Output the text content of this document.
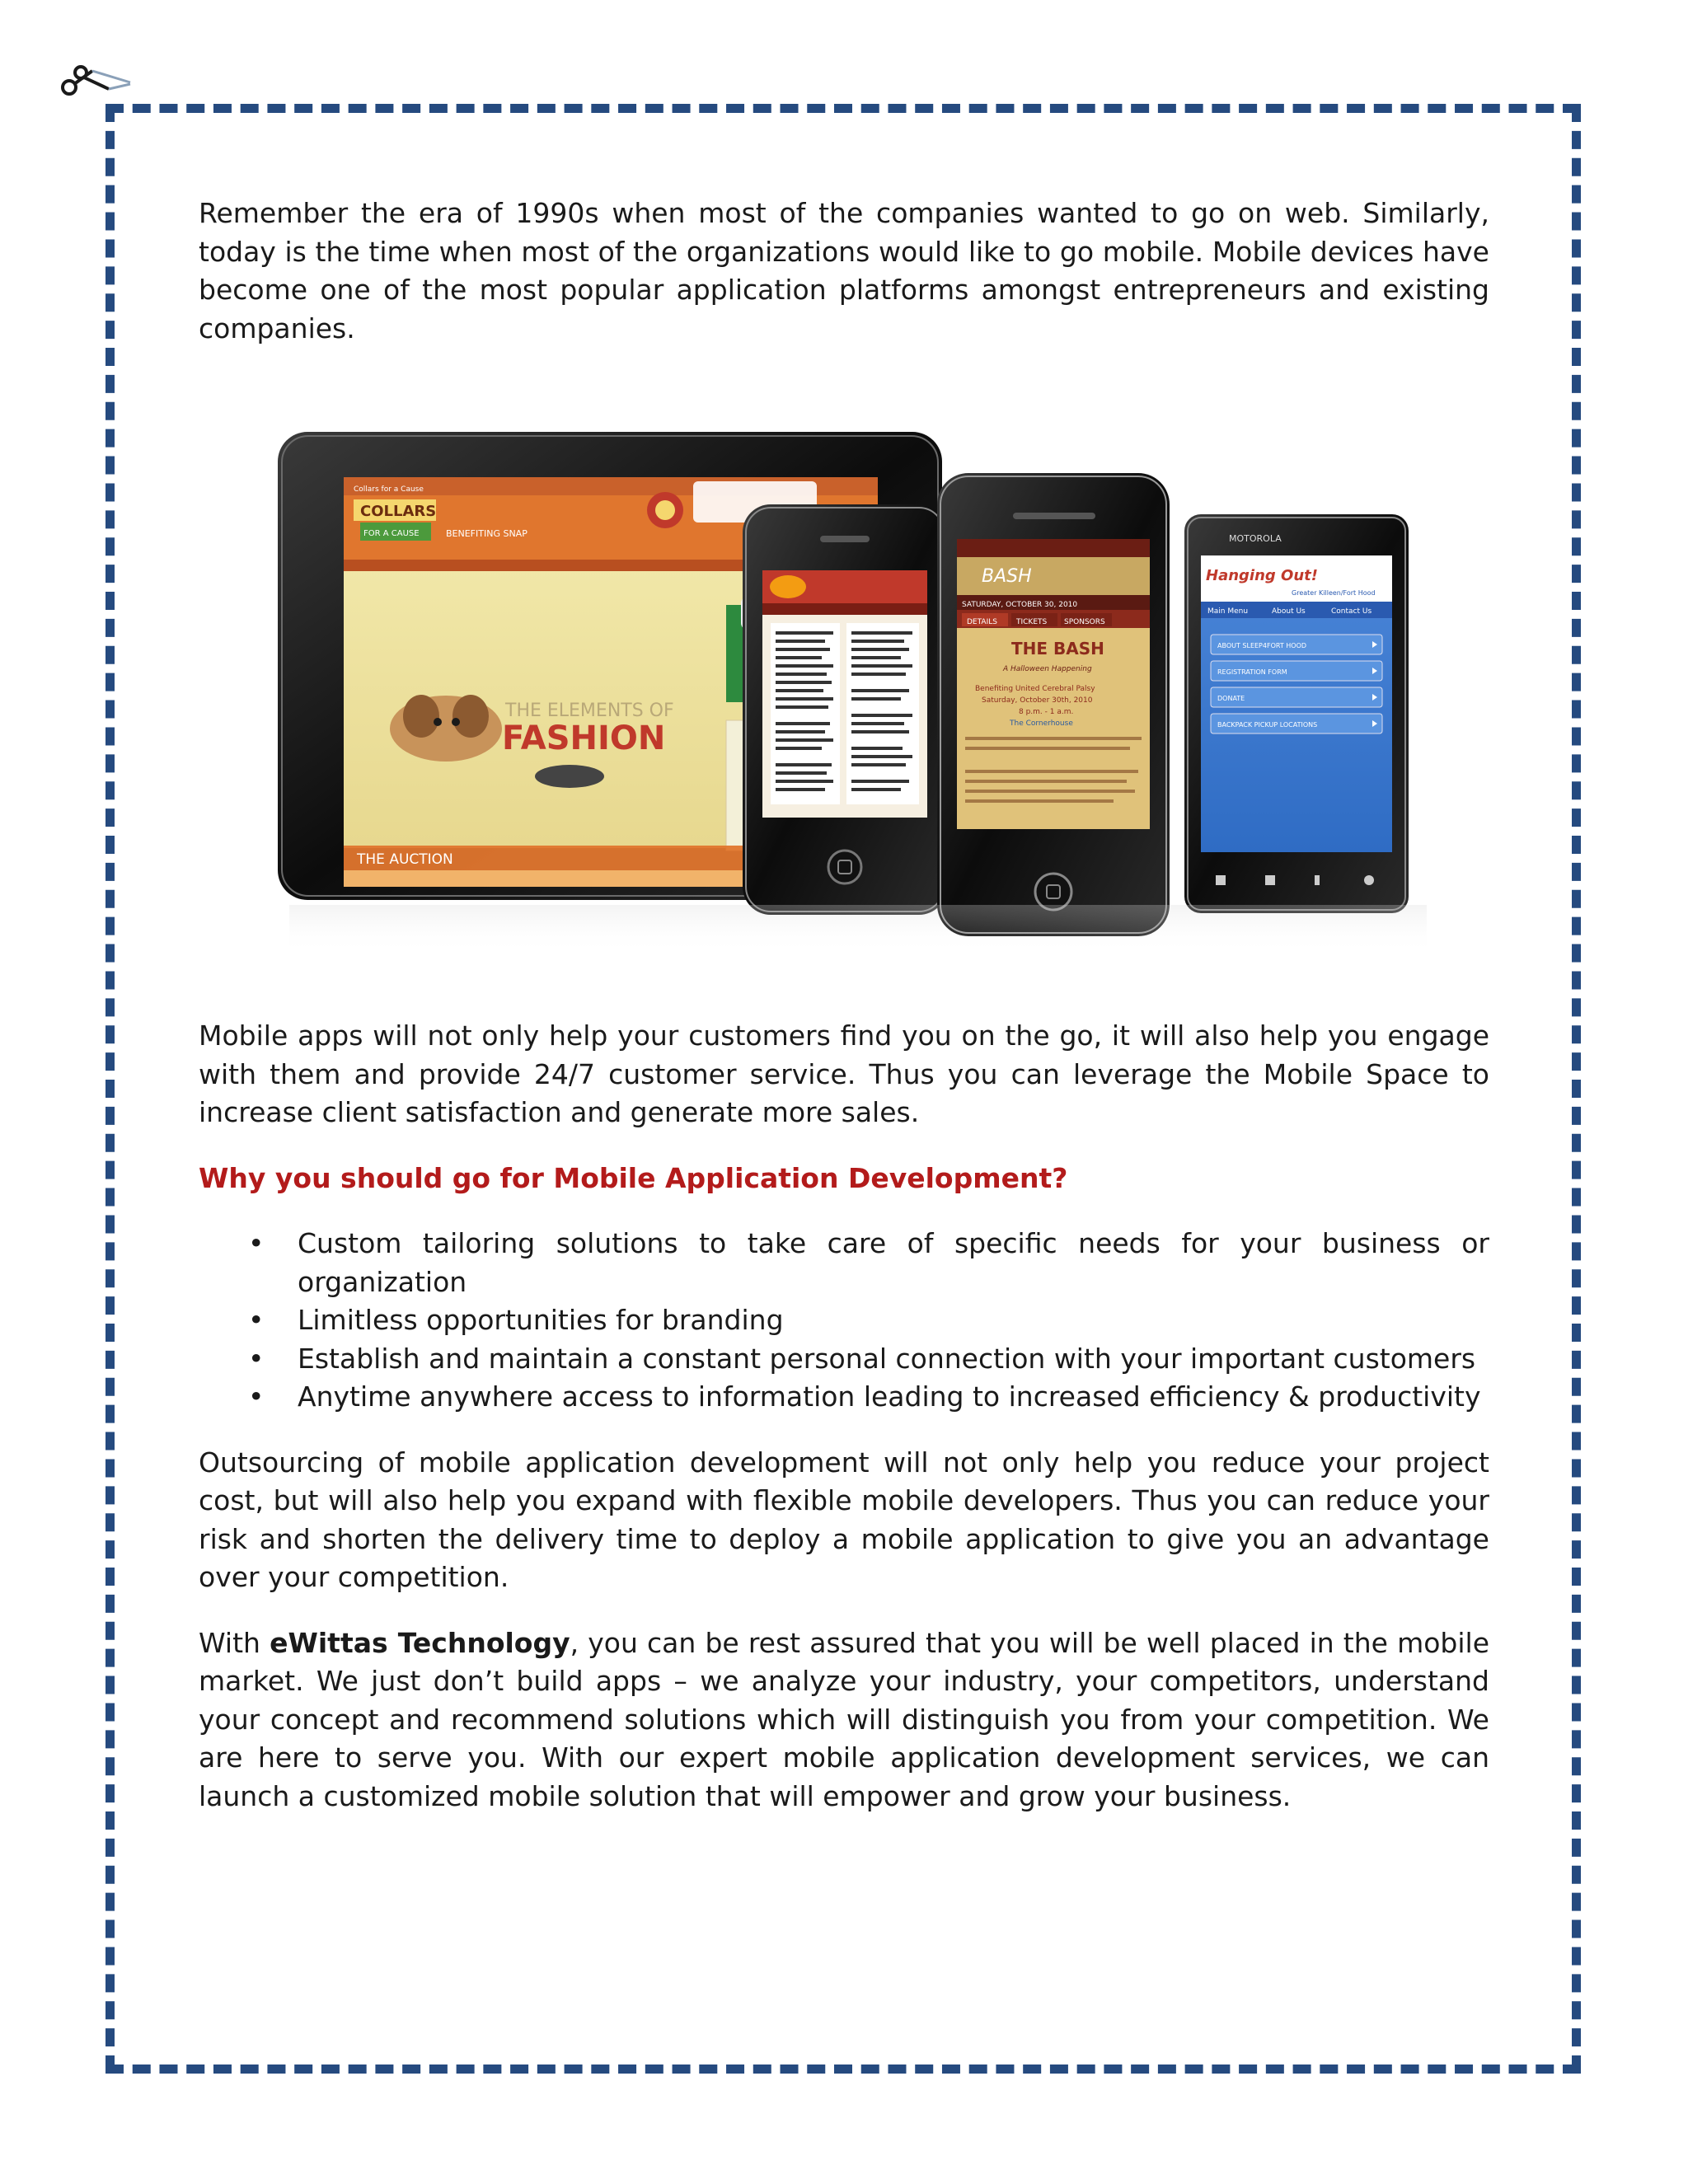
Remember the era of 1990s when most of the companies wanted to go on web. Similarly, today is the time when most of the organizations would like to go mobile. Mobile devices have become one of the most popular application platforms amongst entrepreneurs and existing companies.

Collars for a Cause
COLLARS
FOR A CAUSE	BENEFITING SNAP
THE ELEMENTS OF
FASHION
THE AUCTION
BASH
SATURDAY, OCTOBER 30, 2010
DETAILS	TICKETS SPONSORS
THE BASH
A Halloween Happening
Benefiting United Cerebral Palsy
Saturday, October 30th, 2010
8 p.m. - 1 a.m.
The Cornerhouse
MOTOROLA
Hanging Out!
Greater Killeen/Fort Hood
Main Menu	About Us	Contact Us
ABOUT SLEEP4FORT HOOD
REGISTRATION FORM
DONATE
BACKPACK PICKUP LOCATIONS

Mobile apps will not only help your customers find you on the go, it will also help you engage with them and provide 24/7 customer service. Thus you can leverage the Mobile Space to increase client satisfaction and generate more sales.

Why you should go for Mobile Application Development?
• Custom tailoring solutions to take care of specific needs for your business or organization
• Limitless opportunities for branding
• Establish and maintain a constant personal connection with your important customers
• Anytime anywhere access to information leading to increased efficiency & productivity

Outsourcing of mobile application development will not only help you reduce your project cost, but will also help you expand with flexible mobile developers. Thus you can reduce your risk and shorten the delivery time to deploy a mobile application to give you an advantage over your competition.

With eWittas Technology, you can be rest assured that you will be well placed in the mobile market. We just don’t build apps – we analyze your industry, your competitors, understand your concept and recommend solutions which will distinguish you from your competition. We are here to serve you. With our expert mobile application development services, we can launch a customized mobile solution that will empower and grow your business.
